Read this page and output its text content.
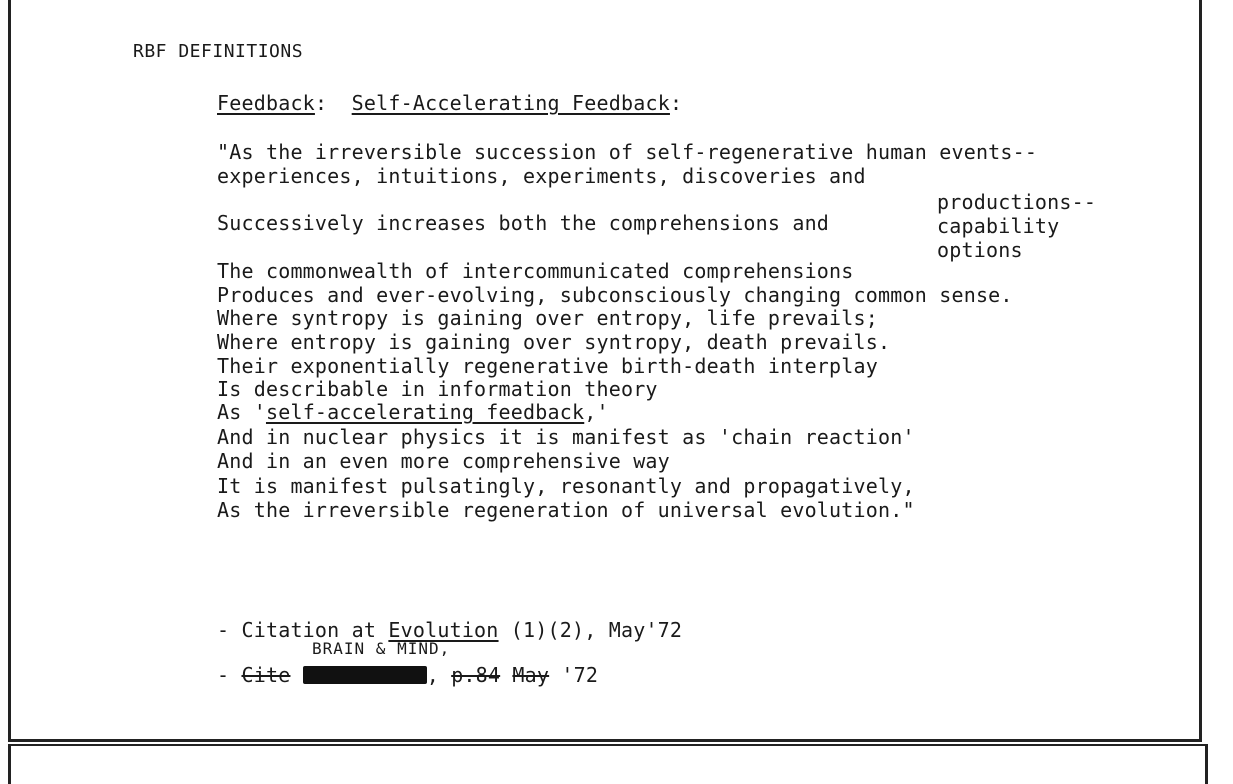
RBF DEFINITIONS
Feedback: Self-Accelerating Feedback:
"As the irreversible succession of self-regenerative human events--
experiences, intuitions, experiments, discoveries and
productions--
Successively increases both the comprehensions and	capability
options
The commonwealth of intercommunicated comprehensions
Produces and ever-evolving, subconsciously changing common sense.
Where syntropy is gaining over entropy, life prevails;
Where entropy is gaining over syntropy, death prevails.
Their exponentially regenerative birth-death interplay
Is describable in information theory
As 'self-accelerating feedback,'
And in nuclear physics it is manifest as 'chain reaction'
And in an even more comprehensive way
It is manifest pulsatingly, resonantly and propagatively,
As the irreversible regeneration of universal evolution."
- Citation at Evolution (1)(2), May'72
BRAIN & MIND,
- Cite	, p.84 May '72
